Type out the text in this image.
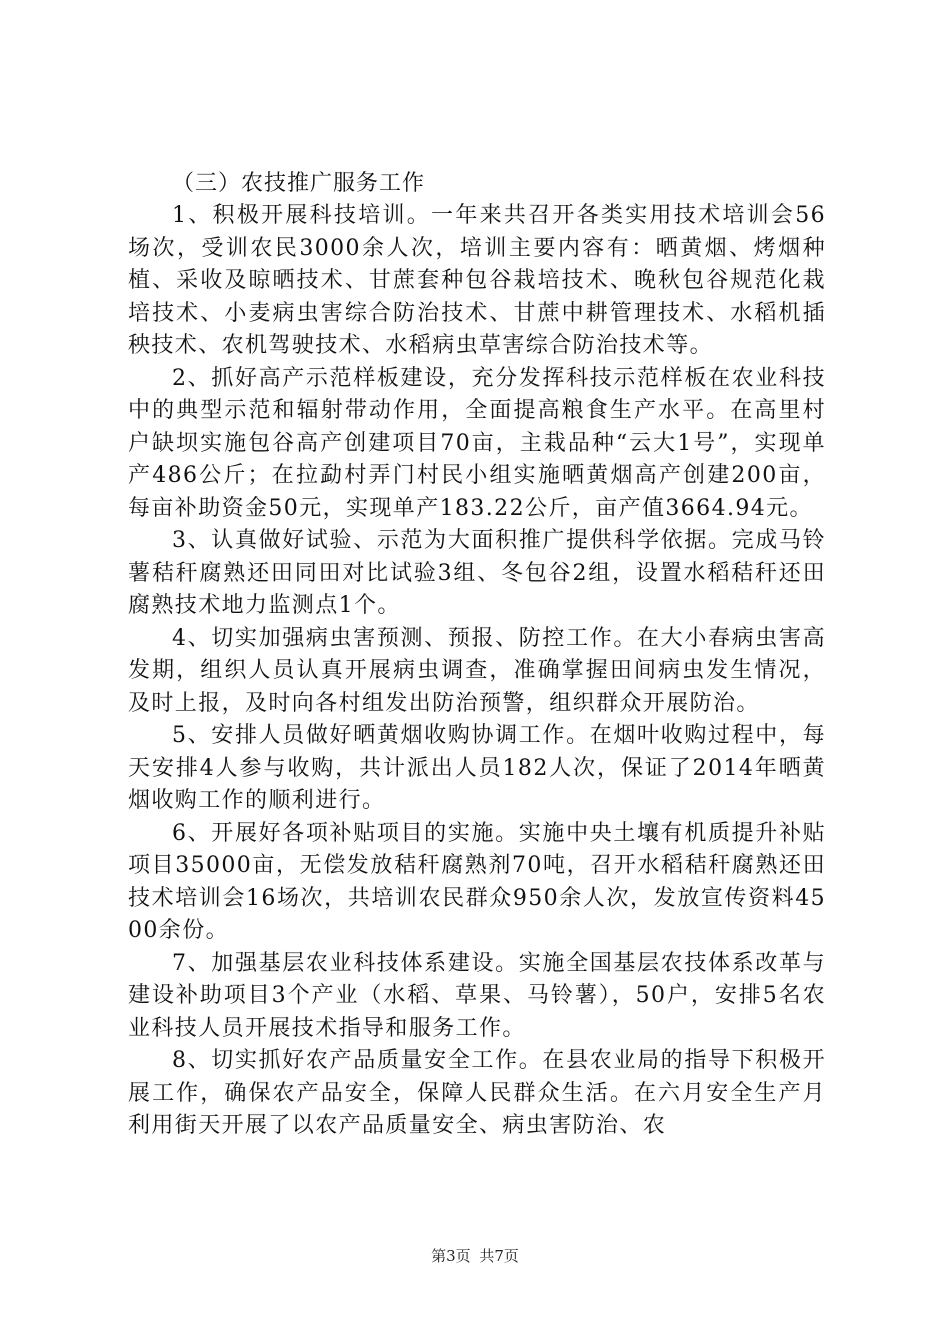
（三）农技推广服务工作

1、积极开展科技培训。一年来共召开各类实用技术培训会56场次，受训农民3000余人次，培训主要内容有：晒黄烟、烤烟种植、采收及晾晒技术、甘蔗套种包谷栽培技术、晚秋包谷规范化栽培技术、小麦病虫害综合防治技术、甘蔗中耕管理技术、水稻机插秧技术、农机驾驶技术、水稻病虫草害综合防治技术等。

2、抓好高产示范样板建设，充分发挥科技示范样板在农业科技中的典型示范和辐射带动作用，全面提高粮食生产水平。在高里村户缺坝实施包谷高产创建项目70亩，主栽品种“云大1号”，实现单产486公斤；在拉勐村弄门村民小组实施晒黄烟高产创建200亩，每亩补助资金50元，实现单产183.22公斤，亩产值3664.94元。

3、认真做好试验、示范为大面积推广提供科学依据。完成马铃薯秸秆腐熟还田同田对比试验3组、冬包谷2组，设置水稻秸秆还田腐熟技术地力监测点1个。

4、切实加强病虫害预测、预报、防控工作。在大小春病虫害高发期，组织人员认真开展病虫调查，准确掌握田间病虫发生情况，及时上报，及时向各村组发出防治预警，组织群众开展防治。

5、安排人员做好晒黄烟收购协调工作。在烟叶收购过程中，每天安排4人参与收购，共计派出人员182人次，保证了2014年晒黄烟收购工作的顺利进行。

6、开展好各项补贴项目的实施。实施中央土壤有机质提升补贴项目35000亩，无偿发放秸秆腐熟剂70吨，召开水稻秸秆腐熟还田技术培训会16场次，共培训农民群众950余人次，发放宣传资料4500余份。

7、加强基层农业科技体系建设。实施全国基层农技体系改革与建设补助项目3个产业（水稻、草果、马铃薯），50户，安排5名农业科技人员开展技术指导和服务工作。

8、切实抓好农产品质量安全工作。在县农业局的指导下积极开展工作，确保农产品安全，保障人民群众生活。在六月安全生产月利用街天开展了以农产品质量安全、病虫害防治、农

第3页 共7页
